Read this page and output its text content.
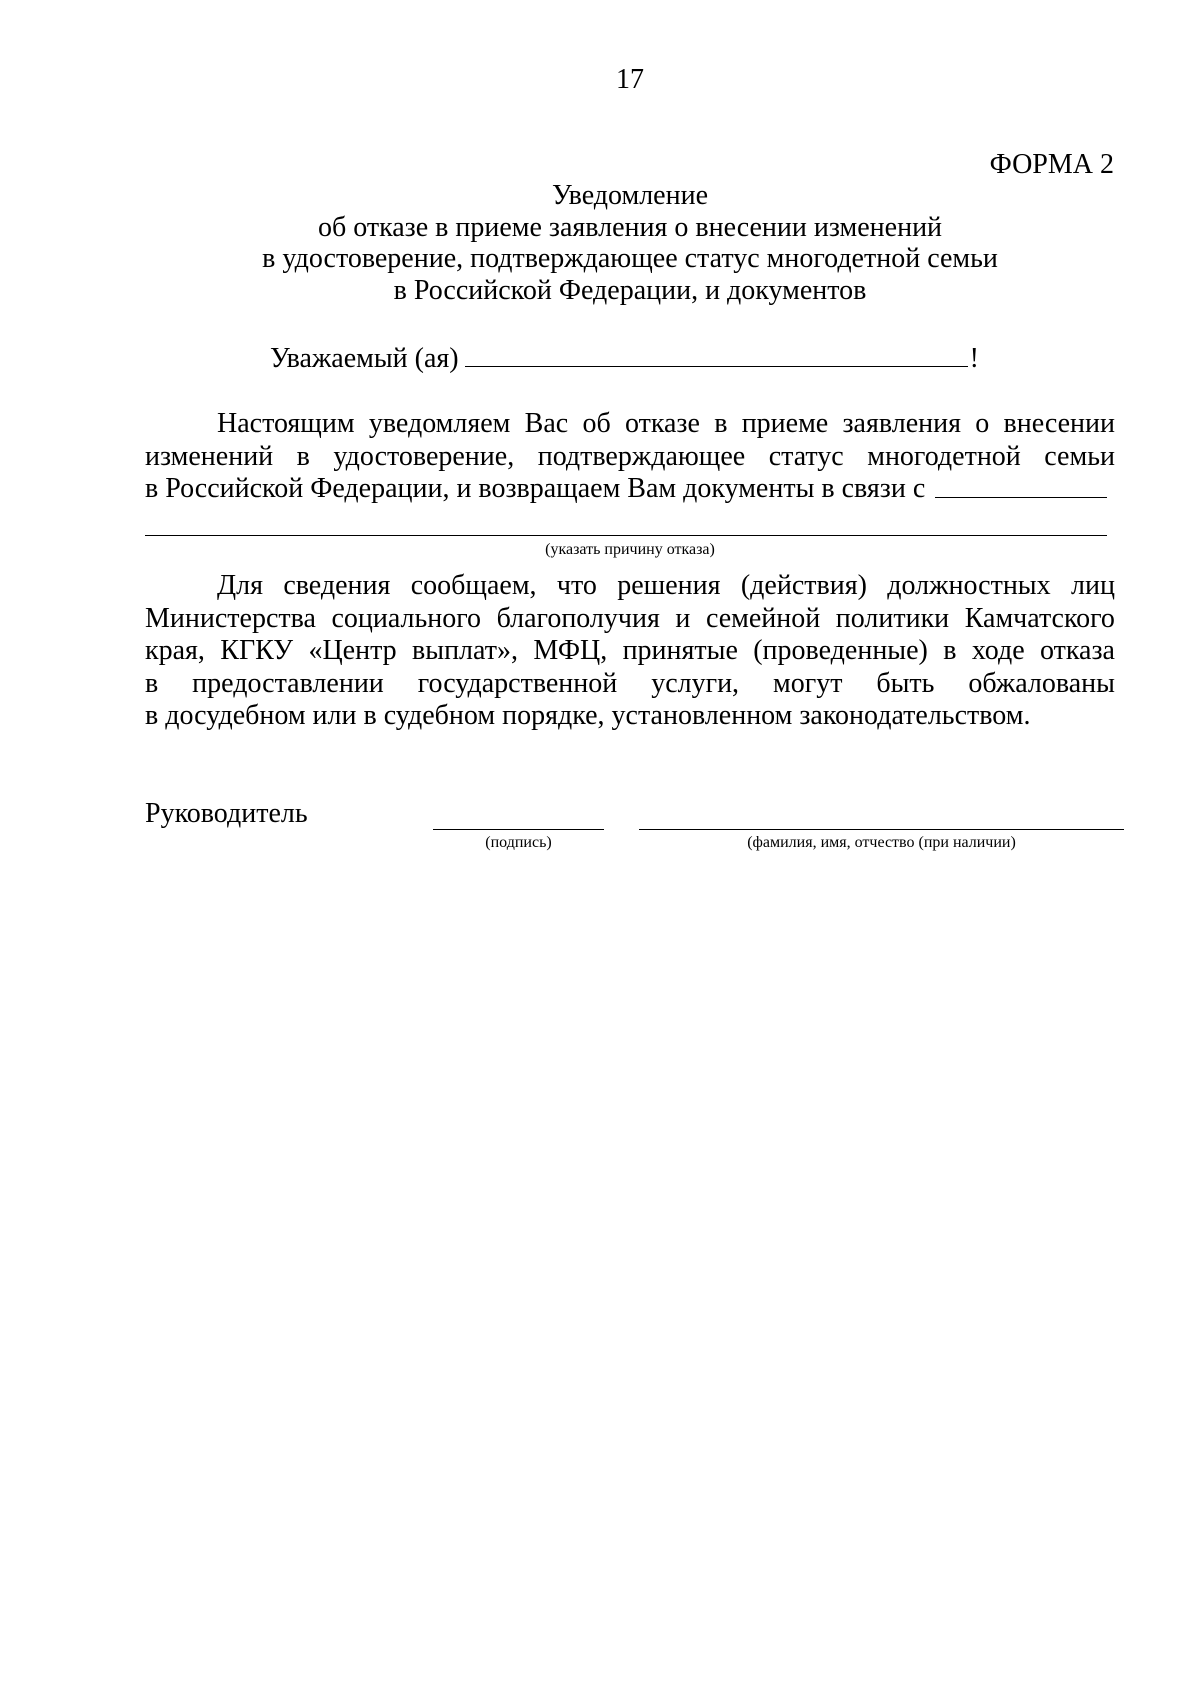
17
ФОРМА 2
Уведомление
об отказе в приеме заявления о внесении изменений
в удостоверение, подтверждающее статус многодетной семьи
в Российской Федерации, и документов
Уважаемый (ая)	!
Настоящим уведомляем Вас об отказе в приеме заявления о внесении
изменений в удостоверение, подтверждающее статус многодетной семьи
в Российской Федерации, и возвращаем Вам документы в связи с
(указать причину отказа)
Для сведения сообщаем, что решения (действия) должностных лиц
Министерства социального благополучия и семейной политики Камчатского
края, КГКУ «Центр выплат», МФЦ, принятые (проведенные) в ходе отказа
в предоставлении государственной услуги, могут быть обжалованы
в досудебном или в судебном порядке, установленном законодательством.
Руководитель
(подпись)	(фамилия, имя, отчество (при наличии)
